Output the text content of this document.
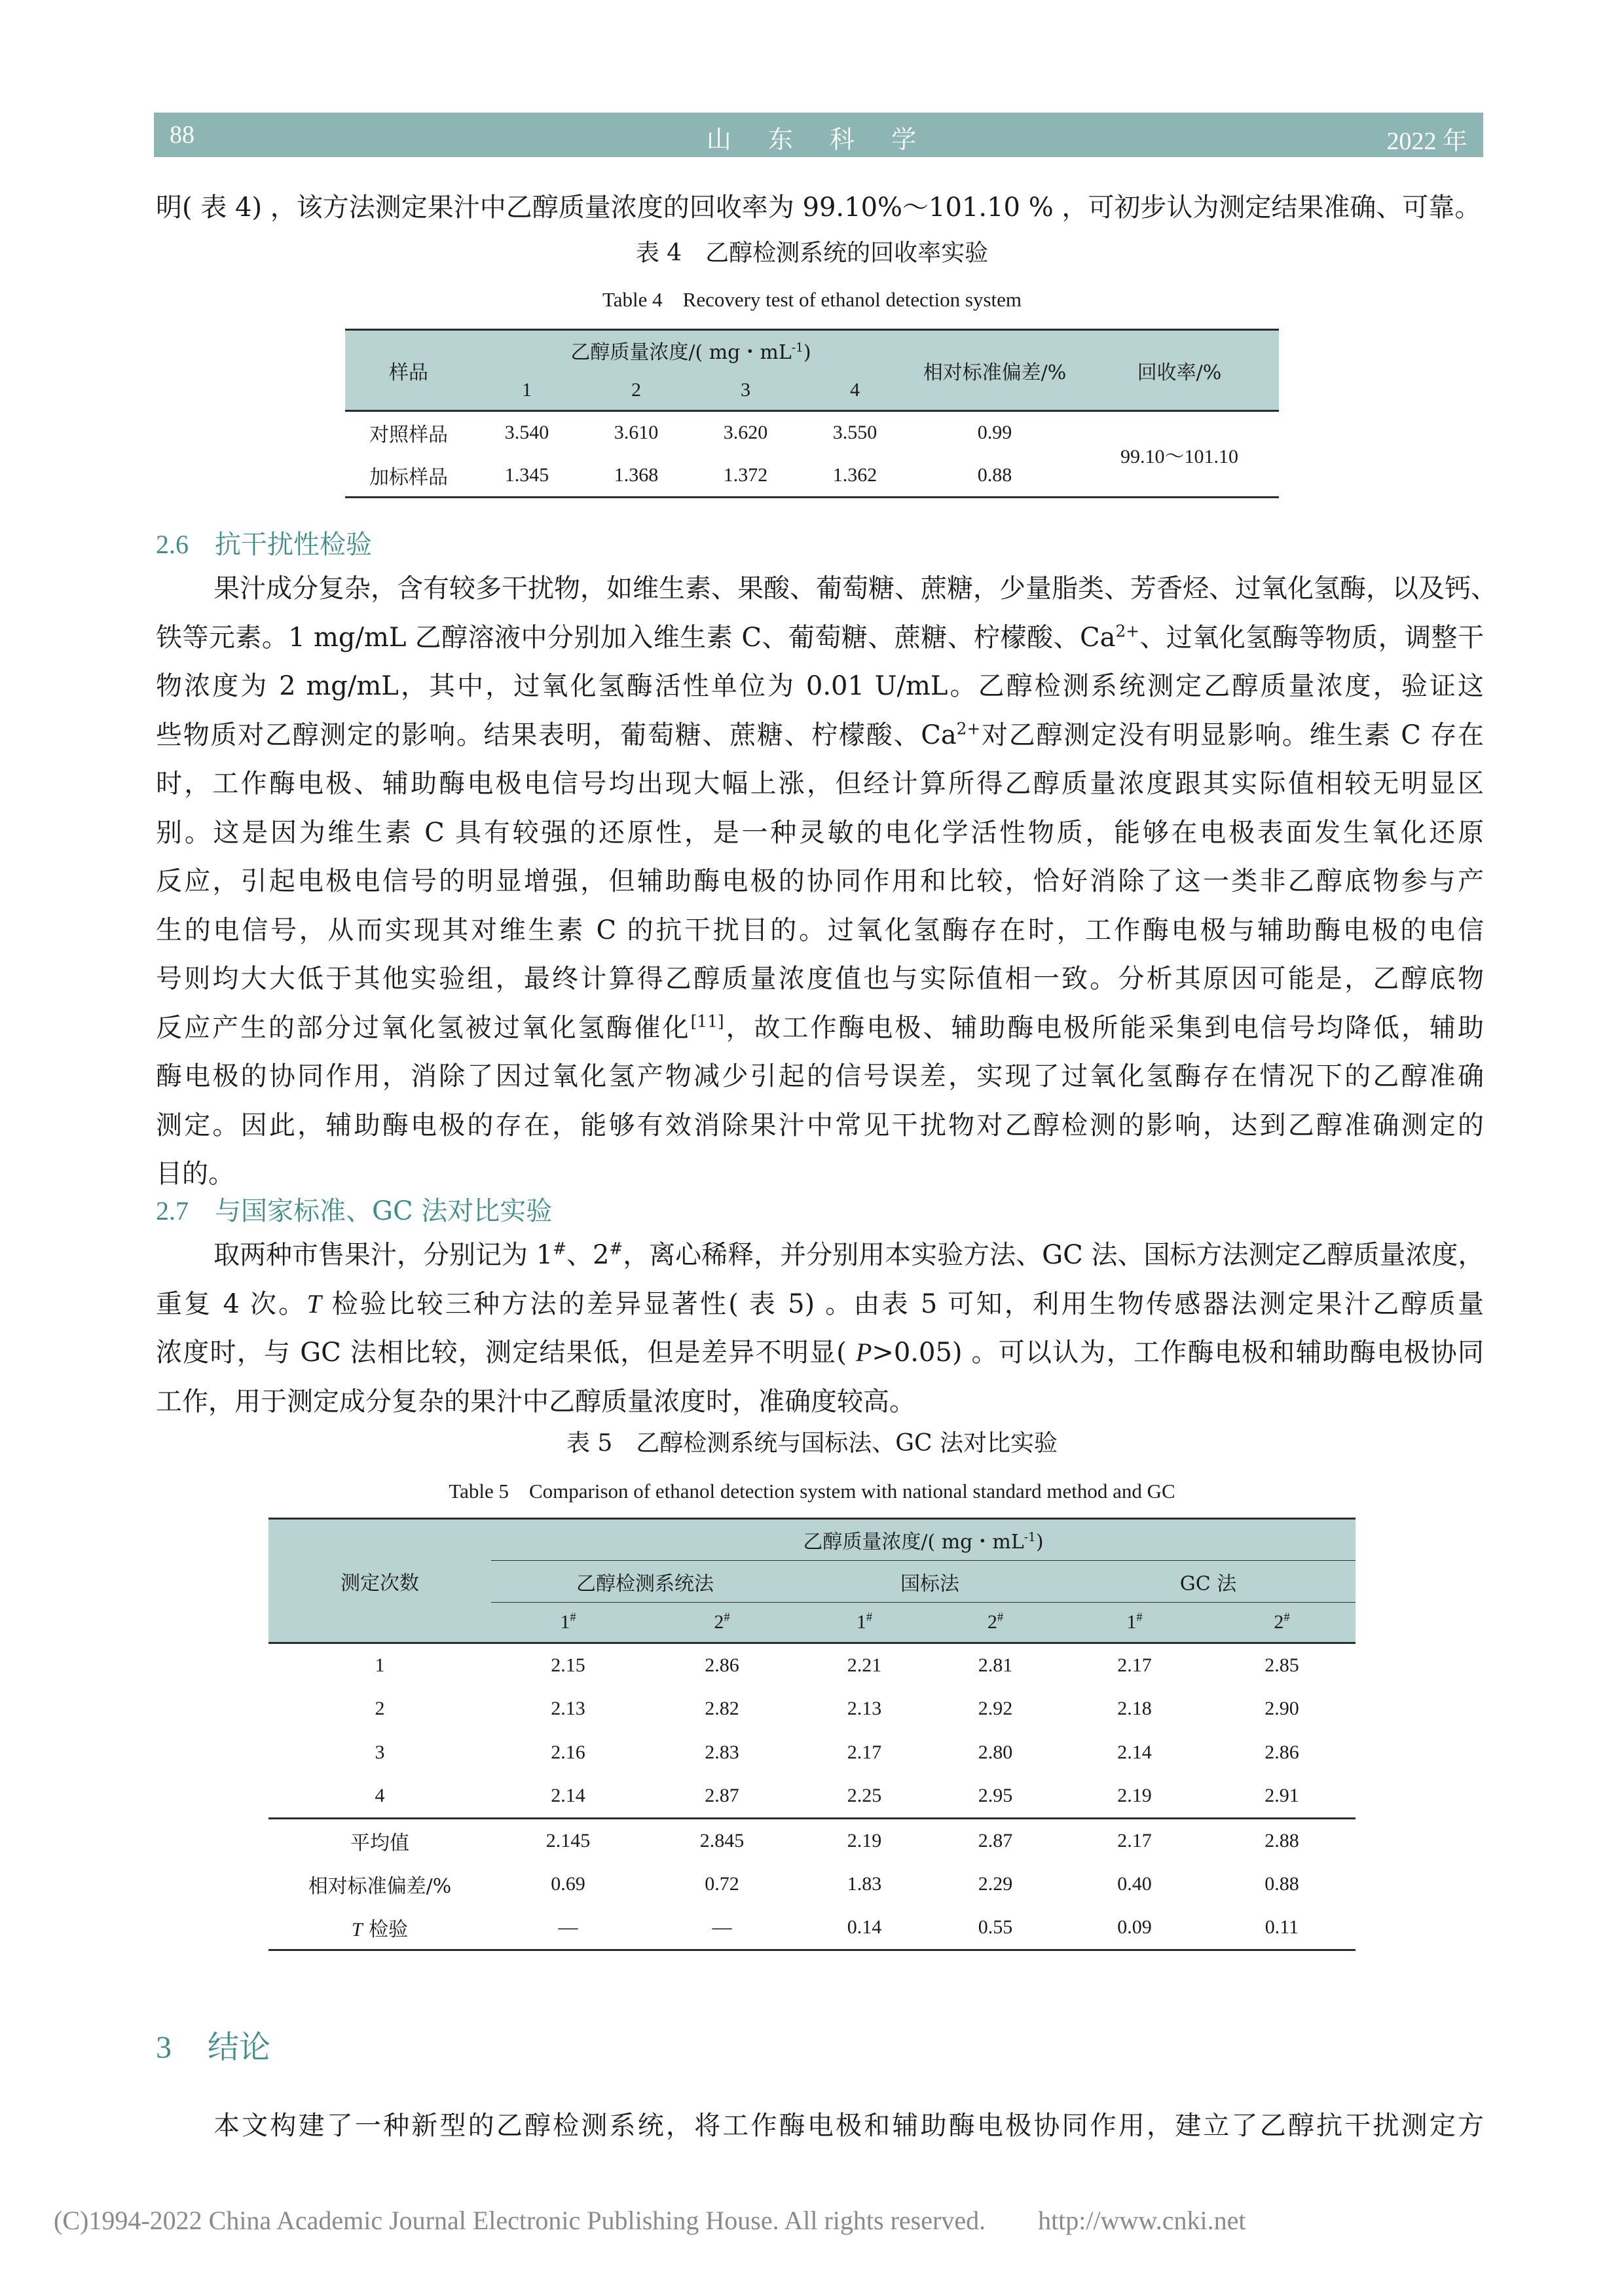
88	山 东 科 学	2022 年
明( 表 4) ，该方法测定果汁中乙醇质量浓度的回收率为 99.10%～101.10 % ，可初步认为测定结果准确、可靠。
表 4　乙醇检测系统的回收率实验
Table 4　Recovery test of ethanol detection system
样品	乙醇质量浓度/( mg・$mL^{-1}$)				相对标准偏差/%	回收率/%
	1	2	3	4		
对照样品	3.540	3.610	3.620	3.550	0.99	99.10～101.10
加标样品	1.345	1.368	1.372	1.362	0.88	
2.6 抗干扰性检验
果汁成分复杂，含有较多干扰物，如维生素、果酸、葡萄糖、蔗糖，少量脂类、芳香烃、过氧化氢酶，以及钙、
铁等元素。1 mg/mL 乙醇溶液中分别加入维生素 C、葡萄糖、蔗糖、柠檬酸、$Ca^{2+}$、过氧化氢酶等物质，调整干
物浓度为 2 mg/mL，其中，过氧化氢酶活性单位为 0.01 U/mL。乙醇检测系统测定乙醇质量浓度，验证这
些物质对乙醇测定的影响。结果表明，葡萄糖、蔗糖、柠檬酸、$Ca^{2+}$对乙醇测定没有明显影响。维生素 C 存在
时，工作酶电极、辅助酶电极电信号均出现大幅上涨，但经计算所得乙醇质量浓度跟其实际值相较无明显区
别。这是因为维生素 C 具有较强的还原性，是一种灵敏的电化学活性物质，能够在电极表面发生氧化还原
反应，引起电极电信号的明显增强，但辅助酶电极的协同作用和比较，恰好消除了这一类非乙醇底物参与产
生的电信号，从而实现其对维生素 C 的抗干扰目的。过氧化氢酶存在时，工作酶电极与辅助酶电极的电信
号则均大大低于其他实验组，最终计算得乙醇质量浓度值也与实际值相一致。分析其原因可能是，乙醇底物
反应产生的部分过氧化氢被过氧化氢酶催化[11]，故工作酶电极、辅助酶电极所能采集到电信号均降低，辅助
酶电极的协同作用，消除了因过氧化氢产物减少引起的信号误差，实现了过氧化氢酶存在情况下的乙醇准确
测定。因此，辅助酶电极的存在，能够有效消除果汁中常见干扰物对乙醇检测的影响，达到乙醇准确测定的
目的。
2.7 与国家标准、GC 法对比实验
取两种市售果汁，分别记为 1#、2#，离心稀释，并分别用本实验方法、GC 法、国标方法测定乙醇质量浓度，
重复 4 次。T 检验比较三种方法的差异显著性( 表 5) 。由表 5 可知，利用生物传感器法测定果汁乙醇质量
浓度时，与 GC 法相比较，测定结果低，但是差异不明显( P>0.05) 。可以认为，工作酶电极和辅助酶电极协同
工作，用于测定成分复杂的果汁中乙醇质量浓度时，准确度较高。
表 5　乙醇检测系统与国标法、GC 法对比实验
Table 5　Comparison of ethanol detection system with national standard method and GC
测定次数	乙醇质量浓度/( mg・$mL^{-1}$)					
	乙醇检测系统法		国标法		GC 法	
	1#	2#	1#	2#	1#	2#
1	2.15	2.86	2.21	2.81	2.17	2.85
2	2.13	2.82	2.13	2.92	2.18	2.90
3	2.16	2.83	2.17	2.80	2.14	2.86
4	2.14	2.87	2.25	2.95	2.19	2.91
平均值	2.145	2.845	2.19	2.87	2.17	2.88
相对标准偏差/%	0.69	0.72	1.83	2.29	0.40	0.88
T 检验	—	—	0.14	0.55	0.09	0.11
3 结论
本文构建了一种新型的乙醇检测系统，将工作酶电极和辅助酶电极协同作用，建立了乙醇抗干扰测定方
(C)1994-2022 China Academic Journal Electronic Publishing House. All rights reserved.　　http://www.cnki.net
